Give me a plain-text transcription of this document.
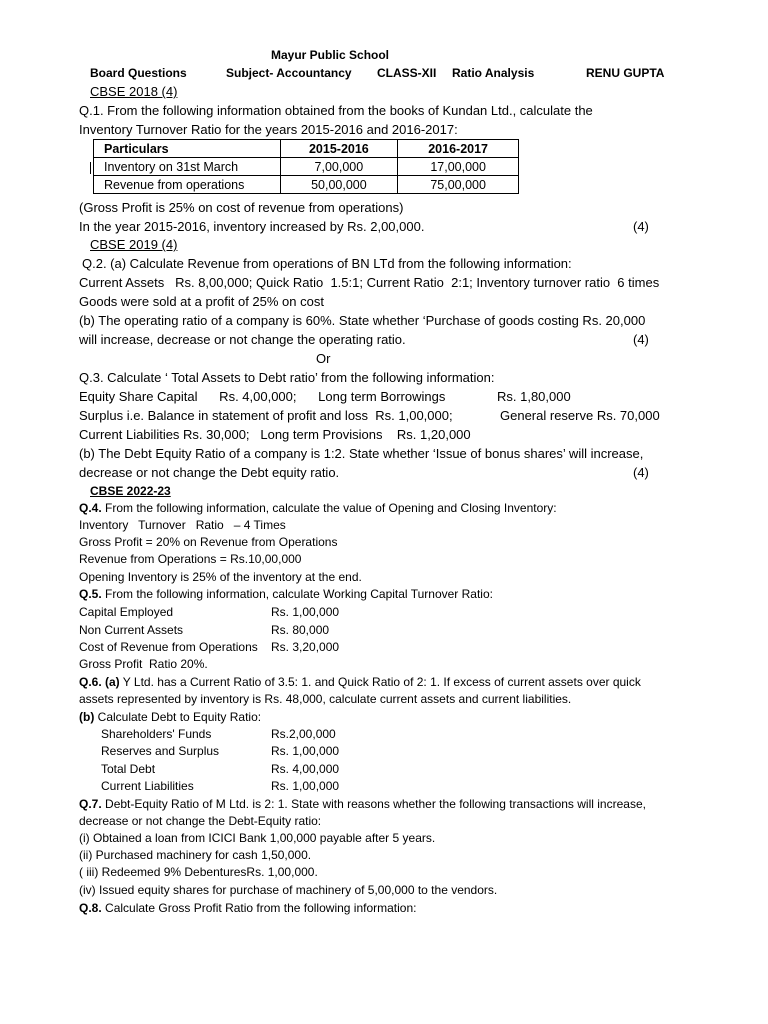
Mayur Public School
Board Questions	Subject- Accountancy CLASS-XII Ratio Analysis	RENU GUPTA
CBSE 2018 (4)
Q.1. From the following information obtained from the books of Kundan Ltd., calculate the
Inventory Turnover Ratio for the years 2015-2016 and 2016-2017:
Particulars	2015-2016	2016-2017
Inventory on 31st March	7,00,000	17,00,000
Revenue from operations	50,00,000	75,00,000
(Gross Profit is 25% on cost of revenue from operations)
In the year 2015-2016, inventory increased by Rs. 2,00,000.	(4)
CBSE 2019 (4)
Q.2. (a) Calculate Revenue from operations of BN LTd from the following information:
Current Assets   Rs. 8,00,000; Quick Ratio  1.5:1; Current Ratio  2:1; Inventory turnover ratio  6 times
Goods were sold at a profit of 25% on cost
(b) The operating ratio of a company is 60%. State whether ‘Purchase of goods costing Rs. 20,000
will increase, decrease or not change the operating ratio.	(4)
Or
Q.3. Calculate ‘ Total Assets to Debt ratio’ from the following information:
Equity Share Capital      Rs. 4,00,000;      Long term Borrowings	Rs. 1,80,000
Surplus i.e. Balance in statement of profit and loss  Rs. 1,00,000;	General reserve Rs. 70,000
Current Liabilities Rs. 30,000;   Long term Provisions    Rs. 1,20,000
(b) The Debt Equity Ratio of a company is 1:2. State whether ‘Issue of bonus shares’ will increase,
decrease or not change the Debt equity ratio.	(4)
CBSE 2022-23
Q.4. From the following information, calculate the value of Opening and Closing Inventory:
Inventory   Turnover   Ratio   – 4 Times
Gross Profit = 20% on Revenue from Operations
Revenue from Operations = Rs.10,00,000
Opening Inventory is 25% of the inventory at the end.
Q.5. From the following information, calculate Working Capital Turnover Ratio:
Capital Employed	Rs. 1,00,000
Non Current Assets	Rs. 80,000
Cost of Revenue from Operations Rs. 3,20,000
Gross Profit  Ratio 20%.
Q.6. (a) Y Ltd. has a Current Ratio of 3.5: 1. and Quick Ratio of 2: 1. If excess of current assets over quick
assets represented by inventory is Rs. 48,000, calculate current assets and current liabilities.
(b) Calculate Debt to Equity Ratio:
Shareholders' Funds	Rs.2,00,000
Reserves and Surplus	Rs. 1,00,000
Total Debt	Rs. 4,00,000
Current Liabilities	Rs. 1,00,000
Q.7. Debt-Equity Ratio of M Ltd. is 2: 1. State with reasons whether the following transactions will increase,
decrease or not change the Debt-Equity ratio:
(i) Obtained a loan from ICICI Bank 1,00,000 payable after 5 years.
(ii) Purchased machinery for cash 1,50,000.
( iii) Redeemed 9% DebenturesRs. 1,00,000.
(iv) Issued equity shares for purchase of machinery of 5,00,000 to the vendors.
Q.8. Calculate Gross Profit Ratio from the following information:
